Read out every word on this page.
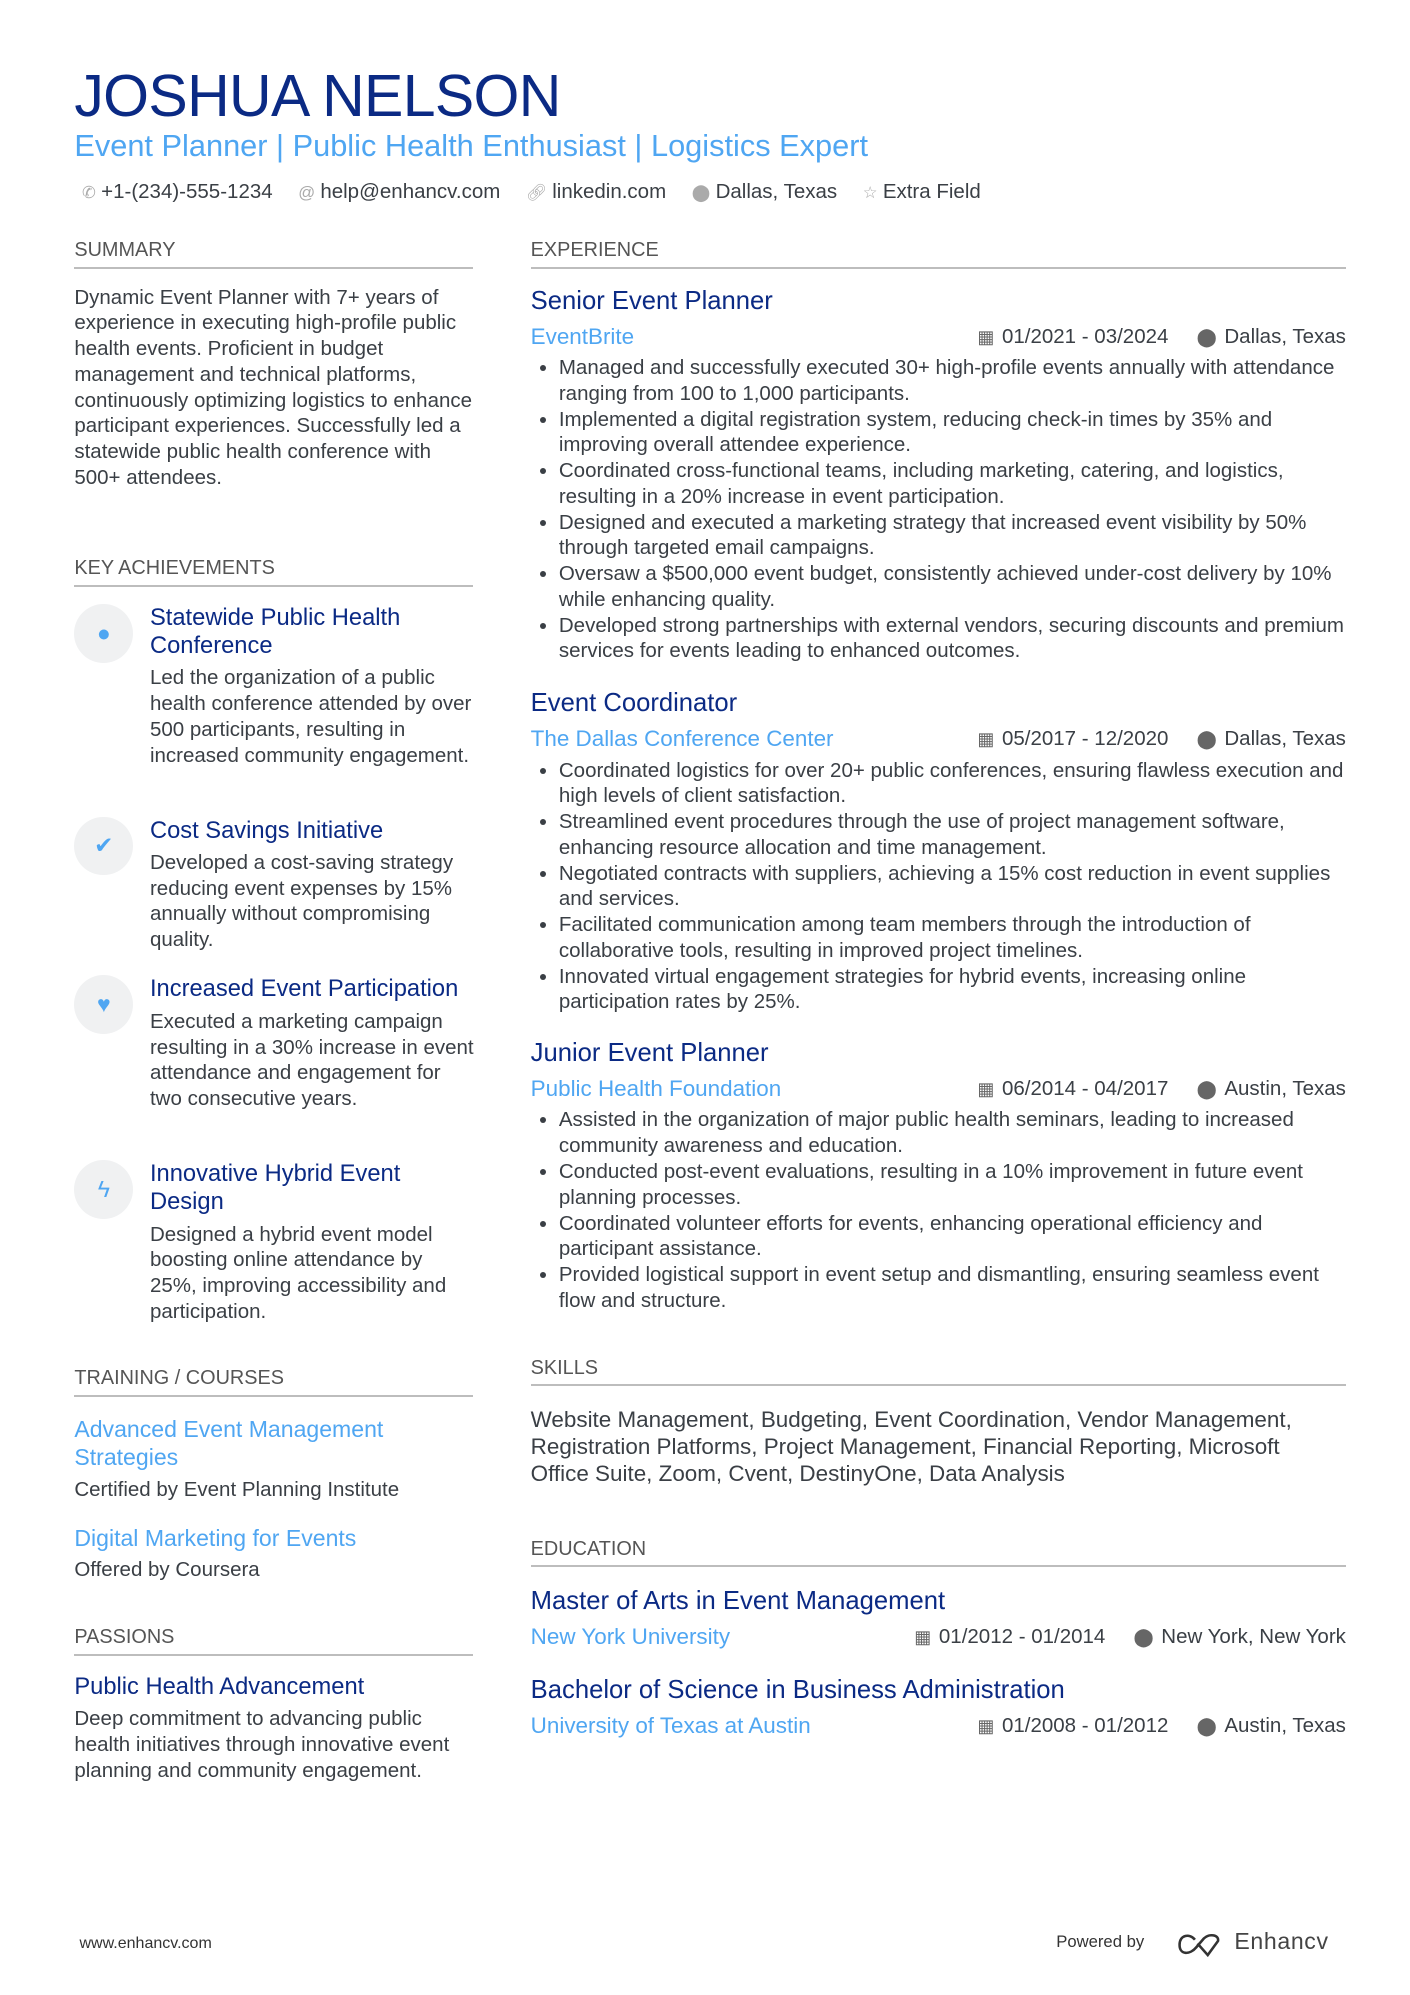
JOSHUA NELSON
Event Planner | Public Health Enthusiast | Logistics Expert
✆ +1-(234)-555-1234 @ help@enhancv.com 🔗︎ linkedin.com ⬤ Dallas, Texas ☆ Extra Field
SUMMARY
Dynamic Event Planner with 7+ years of experience in executing high-profile public health events. Proficient in budget management and technical platforms, continuously optimizing logistics to enhance participant experiences. Successfully led a statewide public health conference with 500+ attendees.
KEY ACHIEVEMENTS
●
Statewide Public Health Conference
Led the organization of a public health conference attended by over 500 participants, resulting in increased community engagement.
✔
Cost Savings Initiative
Developed a cost-saving strategy reducing event expenses by 15% annually without compromising quality.
♥
Increased Event Participation
Executed a marketing campaign resulting in a 30% increase in event attendance and engagement for two consecutive years.
ϟ
Innovative Hybrid Event Design
Designed a hybrid event model boosting online attendance by 25%, improving accessibility and participation.
TRAINING / COURSES
Advanced Event Management Strategies
Certified by Event Planning Institute
Digital Marketing for Events
Offered by Coursera
PASSIONS
Public Health Advancement
Deep commitment to advancing public health initiatives through innovative event planning and community engagement.
EXPERIENCE
Senior Event Planner
EventBrite	▦ 01/2021 - 03/2024 ⬤ Dallas, Texas
• Managed and successfully executed 30+ high-profile events annually with attendance ranging from 100 to 1,000 participants.
• Implemented a digital registration system, reducing check-in times by 35% and improving overall attendee experience.
• Coordinated cross-functional teams, including marketing, catering, and logistics, resulting in a 20% increase in event participation.
• Designed and executed a marketing strategy that increased event visibility by 50% through targeted email campaigns.
• Oversaw a $500,000 event budget, consistently achieved under-cost delivery by 10% while enhancing quality.
• Developed strong partnerships with external vendors, securing discounts and premium services for events leading to enhanced outcomes.
Event Coordinator
The Dallas Conference Center	▦ 05/2017 - 12/2020 ⬤ Dallas, Texas
• Coordinated logistics for over 20+ public conferences, ensuring flawless execution and high levels of client satisfaction.
• Streamlined event procedures through the use of project management software, enhancing resource allocation and time management.
• Negotiated contracts with suppliers, achieving a 15% cost reduction in event supplies and services.
• Facilitated communication among team members through the introduction of collaborative tools, resulting in improved project timelines.
• Innovated virtual engagement strategies for hybrid events, increasing online participation rates by 25%.
Junior Event Planner
Public Health Foundation	▦ 06/2014 - 04/2017 ⬤ Austin, Texas
• Assisted in the organization of major public health seminars, leading to increased community awareness and education.
• Conducted post-event evaluations, resulting in a 10% improvement in future event planning processes.
• Coordinated volunteer efforts for events, enhancing operational efficiency and participant assistance.
• Provided logistical support in event setup and dismantling, ensuring seamless event flow and structure.
SKILLS
Website Management, Budgeting, Event Coordination, Vendor Management, Registration Platforms, Project Management, Financial Reporting, Microsoft Office Suite, Zoom, Cvent, DestinyOne, Data Analysis
EDUCATION
Master of Arts in Event Management
New York University	▦ 01/2012 - 01/2014 ⬤ New York, New York
Bachelor of Science in Business Administration
University of Texas at Austin	▦ 01/2008 - 01/2012 ⬤ Austin, Texas
www.enhancv.com	Powered by	Enhancv
